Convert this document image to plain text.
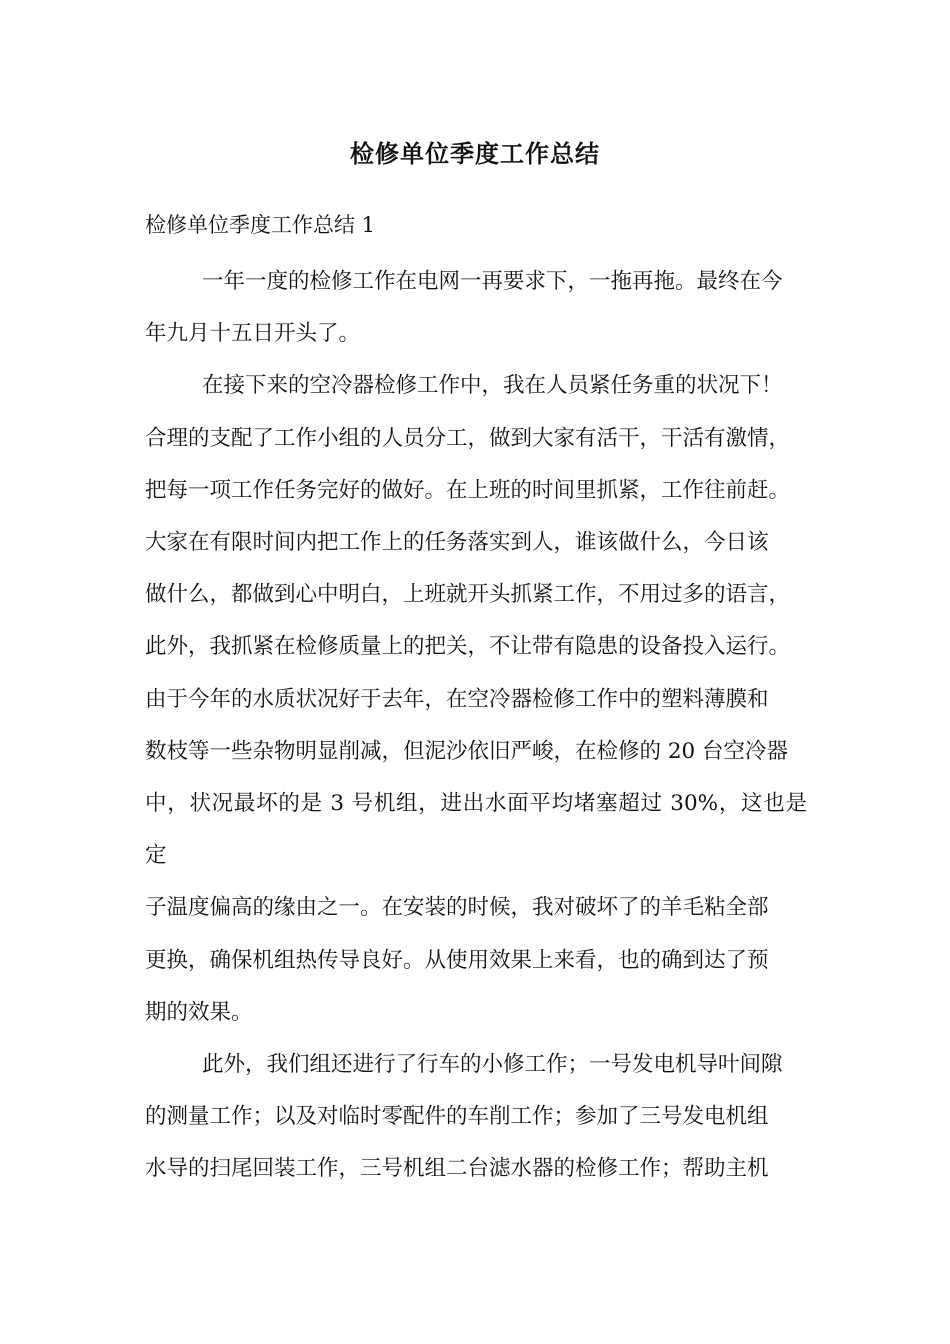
检修单位季度工作总结
检修单位季度工作总结 1

一年一度的检修工作在电网一再要求下，一拖再拖。最终在今
年九月十五日开头了。

在接下来的空冷器检修工作中，我在人员紧任务重的状况下！
合理的支配了工作小组的人员分工，做到大家有活干，干活有激情，
把每一项工作任务完好的做好。在上班的时间里抓紧，工作往前赶。
大家在有限时间内把工作上的任务落实到人，谁该做什么，今日该
做什么，都做到心中明白，上班就开头抓紧工作，不用过多的语言，
此外，我抓紧在检修质量上的把关，不让带有隐患的设备投入运行。
由于今年的水质状况好于去年，在空冷器检修工作中的塑料薄膜和
数枝等一些杂物明显削减，但泥沙依旧严峻，在检修的 20 台空冷器
中，状况最坏的是 3 号机组，进出水面平均堵塞超过 30%，这也是定
子温度偏高的缘由之一。在安装的时候，我对破坏了的羊毛粘全部
更换，确保机组热传导良好。从使用效果上来看，也的确到达了预
期的效果。

此外，我们组还进行了行车的小修工作；一号发电机导叶间隙
的测量工作；以及对临时零配件的车削工作；参加了三号发电机组
水导的扫尾回装工作，三号机组二台滤水器的检修工作；帮助主机
